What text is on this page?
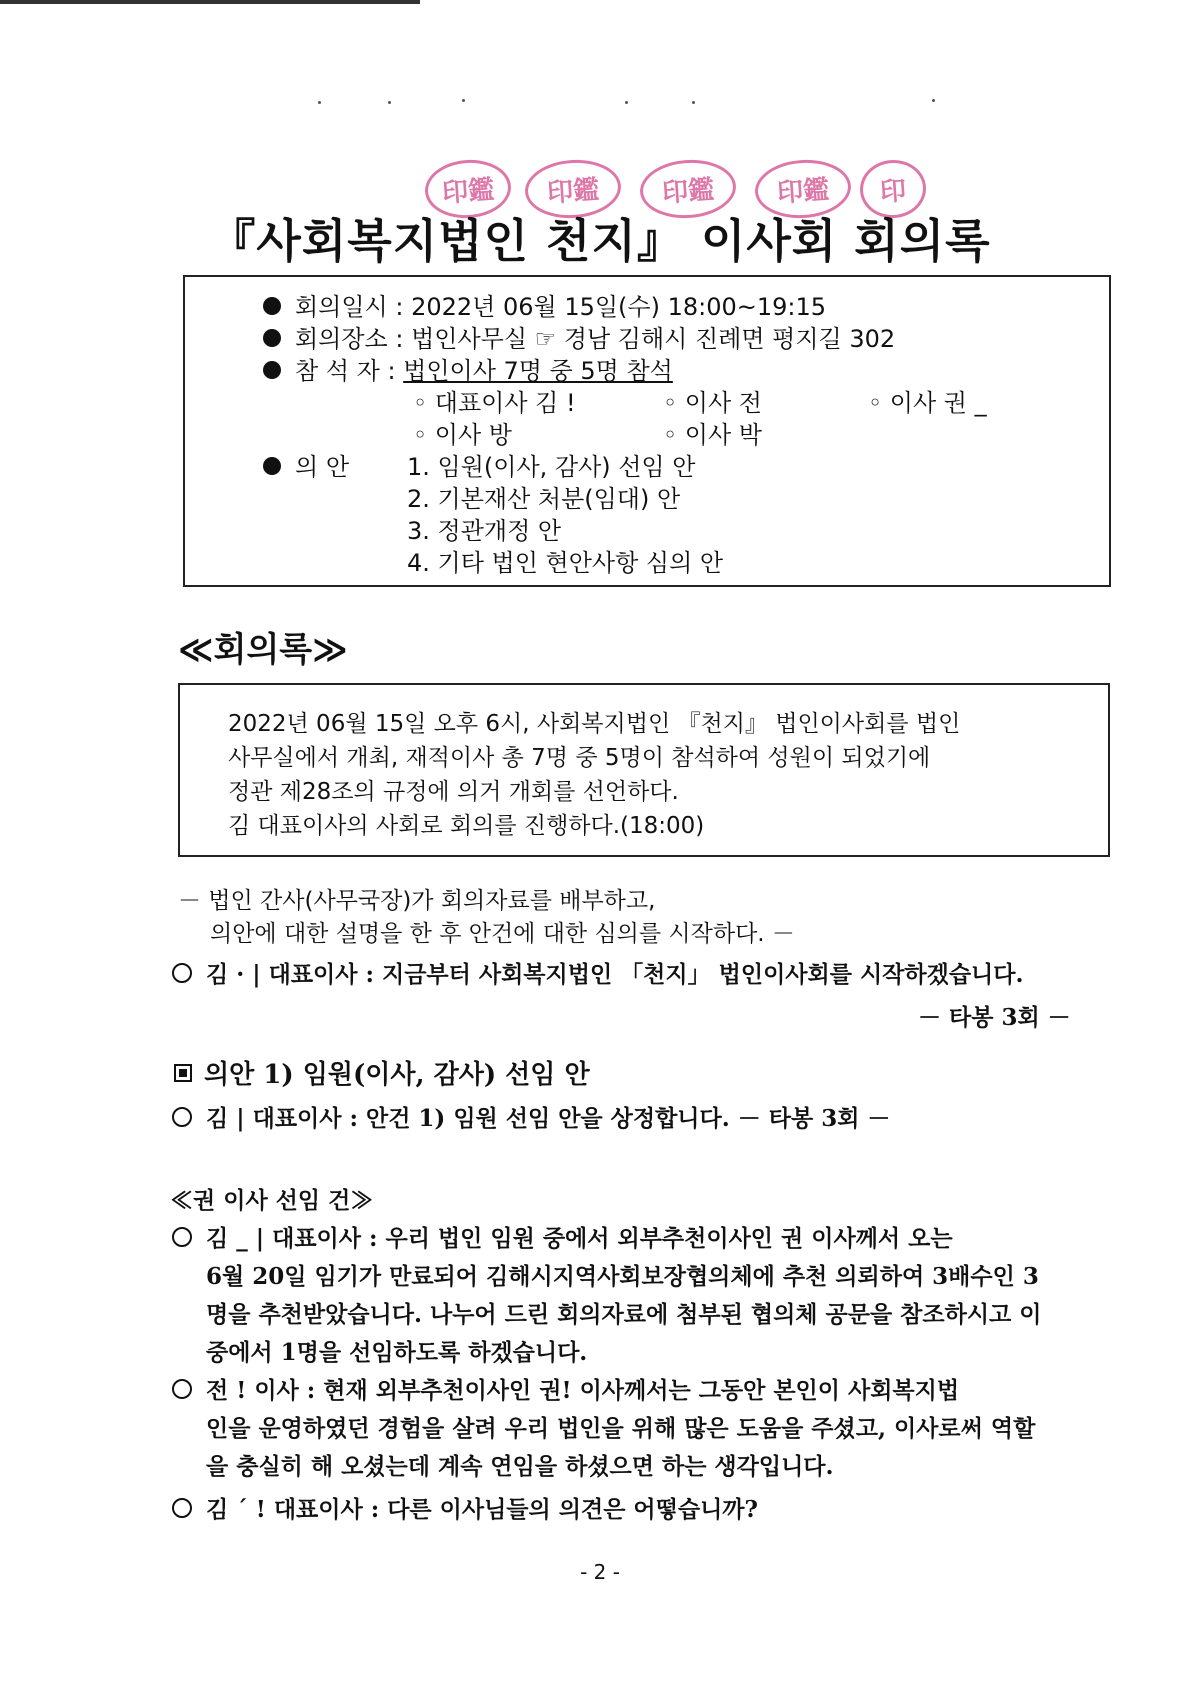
印鑑	印鑑	印鑑	印鑑	印
『사회복지법인 천지』 이사회 회의록
회의일시 : 2022년 06월 15일(수) 18:00~19:15
회의장소 : 법인사무실 ☞ 경남 김해시 진례면 평지길 302
참 석 자 : 법인이사 7명 중 5명 참석
◦ 대표이사 김 !	◦ 이사 전	◦ 이사 권 _
◦ 이사 방	◦ 이사 박
의 안 1. 임원(이사, 감사) 선임 안
2. 기본재산 처분(임대) 안
3. 정관개정 안
4. 기타 법인 현안사항 심의 안
≪회의록≫
2022년 06월 15일 오후 6시, 사회복지법인 『천지』 법인이사회를 법인
사무실에서 개최, 재적이사 총 7명 중 5명이 참석하여 성원이 되었기에
정관 제28조의 규정에 의거 개회를 선언하다.
김 대표이사의 사회로 회의를 진행하다.(18:00)
－ 법인 간사(사무국장)가 회의자료를 배부하고,
의안에 대한 설명을 한 후 안건에 대한 심의를 시작하다. －
김 · | 대표이사 : 지금부터 사회복지법인 「천지」 법인이사회를 시작하겠습니다.
－ 타봉 3회 －
의안 1) 임원(이사, 감사) 선임 안
김 | 대표이사 : 안건 1) 임원 선임 안을 상정합니다. － 타봉 3회 －
≪권 이사 선임 건≫
김 _ | 대표이사 : 우리 법인 임원 중에서 외부추천이사인 권 이사께서 오는
6월 20일 임기가 만료되어 김해시지역사회보장협의체에 추천 의뢰하여 3배수인 3
명을 추천받았습니다. 나누어 드린 회의자료에 첨부된 협의체 공문을 참조하시고 이
중에서 1명을 선임하도록 하겠습니다.
전 ! 이사 : 현재 외부추천이사인 권! 이사께서는 그동안 본인이 사회복지법
인을 운영하였던 경험을 살려 우리 법인을 위해 많은 도움을 주셨고, 이사로써 역할
을 충실히 해 오셨는데 계속 연임을 하셨으면 하는 생각입니다.
김 ´ ! 대표이사 : 다른 이사님들의 의견은 어떻습니까?
- 2 -
